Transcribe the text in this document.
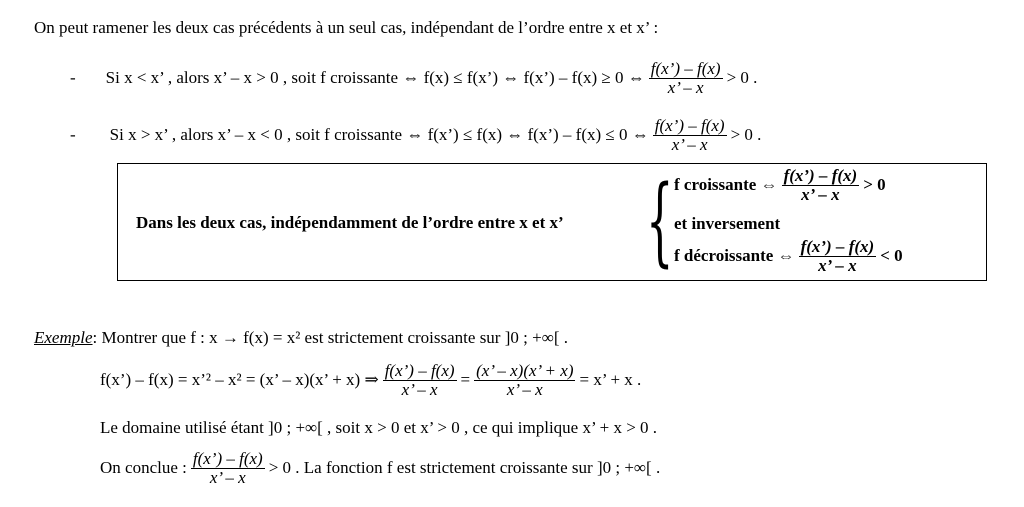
On peut ramener les deux cas précédents à un seul cas, indépendant de l’ordre entre x et x’ :
- Si x < x’ , alors x’ – x > 0 , soit f croissante ⇔ f(x) ≤ f(x’) ⇔ f(x’) – f(x) ≥ 0 ⇔ $\frac{f(x’) - f(x)}{x’ - x} > 0$ .
- Si x > x’ , alors x’ – x < 0 , soit f croissante ⇔ f(x’) ≤ f(x) ⇔ f(x’) – f(x) ≤ 0 ⇔ $\frac{f(x’) - f(x)}{x’ - x} > 0$ .
Dans les deux cas, indépendamment de l’ordre entre x et x’ { f croissante ⇔ $\frac{f(x’) - f(x)}{x’ - x} > 0$
et inversement
f décroissante ⇔ $\frac{f(x’) - f(x)}{x’ - x} < 0$
Exemple : Montrer que f : x → f(x) = x² est strictement croissante sur ]0 ; +∞[ .
f(x’) – f(x) = x’² – x² = (x’ – x)(x’ + x) ⇒ $\frac{f(x’) - f(x)}{x’ - x} = \frac{(x’ - x)(x’ + x)}{x’ - x} = x$’ + x .
Le domaine utilisé étant ]0 ; +∞[ , soit x > 0 et x’ > 0 , ce qui implique x’ + x > 0 .
On conclue : $\frac{f(x’) - f(x)}{x’ - x} > 0$ . La fonction f est strictement croissante sur ]0 ; +∞[ .
